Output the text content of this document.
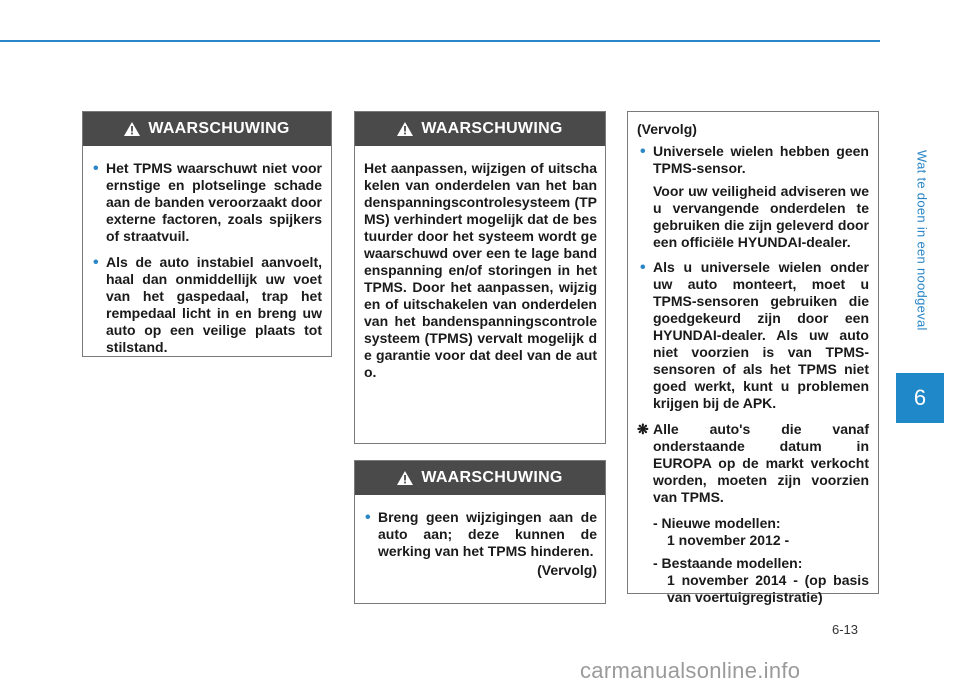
Wat te doen in een noodgeval
6
WAARSCHUWING
• Het TPMS waarschuwt niet voor ernstige en plotselinge schade aan de banden veroorzaakt door externe factoren, zoals spijkers of straatvuil.
• Als de auto instabiel aanvoelt, haal dan onmiddellijk uw voet van het gaspedaal, trap het rempedaal licht in en breng uw auto op een veilige plaats tot stilstand.
WAARSCHUWING
Het aanpassen, wijzigen of uitschakelen van onderdelen van het bandenspanningscontrolesysteem (TPMS) verhindert mogelijk dat de bestuurder door het systeem wordt gewaarschuwd over een te lage bandenspanning en/of storingen in het TPMS. Door het aanpassen, wijzigen of uitschakelen van onderdelen van het bandenspanningscontrolesysteem (TPMS) vervalt mogelijk de garantie voor dat deel van de auto.
WAARSCHUWING
• Breng geen wijzigingen aan de auto aan; deze kunnen de werking van het TPMS hinderen.
(Vervolg)
(Vervolg)
• Universele wielen hebben geen TPMS-sensor.
Voor uw veiligheid adviseren we u vervangende onderdelen te gebruiken die zijn geleverd door een officiële HYUNDAI-dealer.
• Als u universele wielen onder uw auto monteert, moet u TPMS-sensoren gebruiken die goedgekeurd zijn door een HYUNDAI-dealer. Als uw auto niet voorzien is van TPMS-sensoren of als het TPMS niet goed werkt, kunt u problemen krijgen bij de APK.
❋ Alle auto's die vanaf onderstaande datum in EUROPA op de markt verkocht worden, moeten zijn voorzien van TPMS.
- Nieuwe modellen:
1 november 2012 -
- Bestaande modellen:
1 november 2014 - (op basis van voertuigregistratie)
6-13
carmanualsonline.info
